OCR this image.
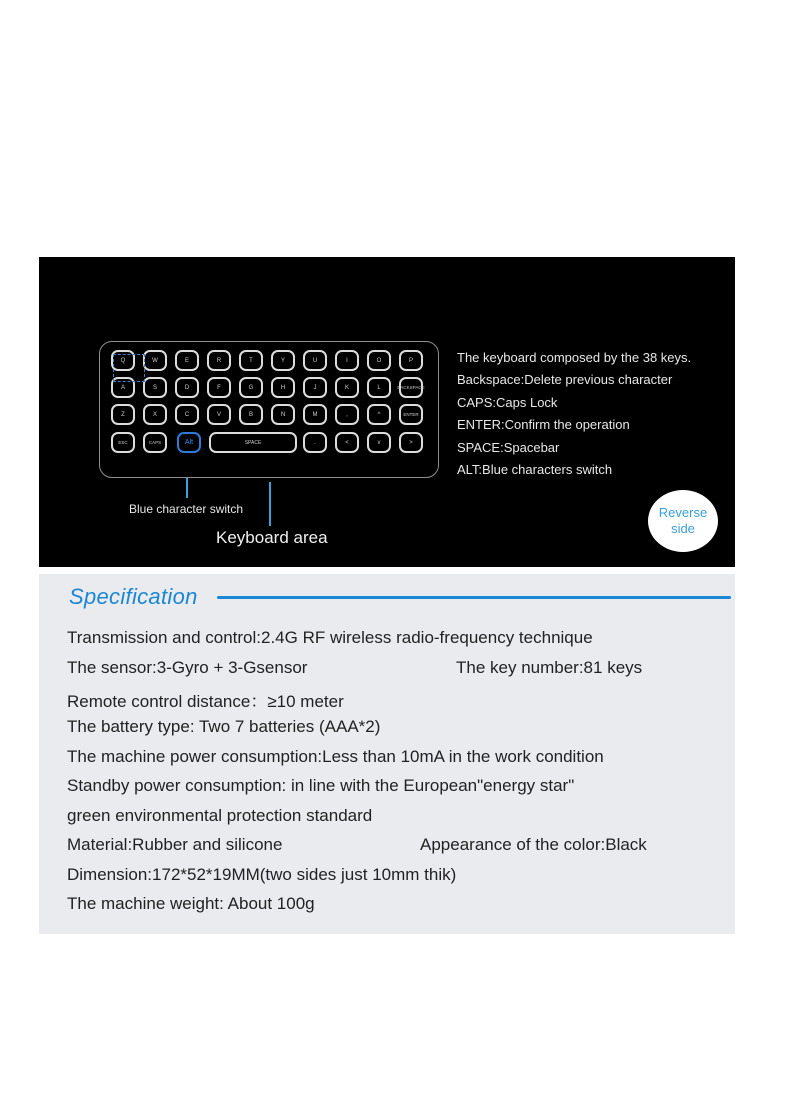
Q	W	E	R	T	Y	U	I	O	P
A	S	D	F	G	H	J	K	L	BACKSPACE
Z	X	C	V	B	N	M	,	^	ENTER
ESC	CAPS	Alt	SPACE	.	<	v	>
The keyboard composed by the 38 keys.
Backspace:Delete previous character
CAPS:Caps Lock
ENTER:Confirm the operation
SPACE:Spacebar
ALT:Blue characters switch
Blue character switch
Keyboard area
Reverse
side
Specification
Transmission and control:2.4G RF wireless radio-frequency technique
The sensor:3-Gyro + 3-Gsensor	The key number:81 keys
Remote control distance：≥10 meter
The battery type: Two 7 batteries (AAA*2)
The machine power consumption:Less than 10mA in the work condition
Standby power consumption: in line with the European"energy star"
green environmental protection standard
Material:Rubber and silicone	Appearance of the color:Black
Dimension:172*52*19MM(two sides just 10mm thik)
The machine weight: About 100g
